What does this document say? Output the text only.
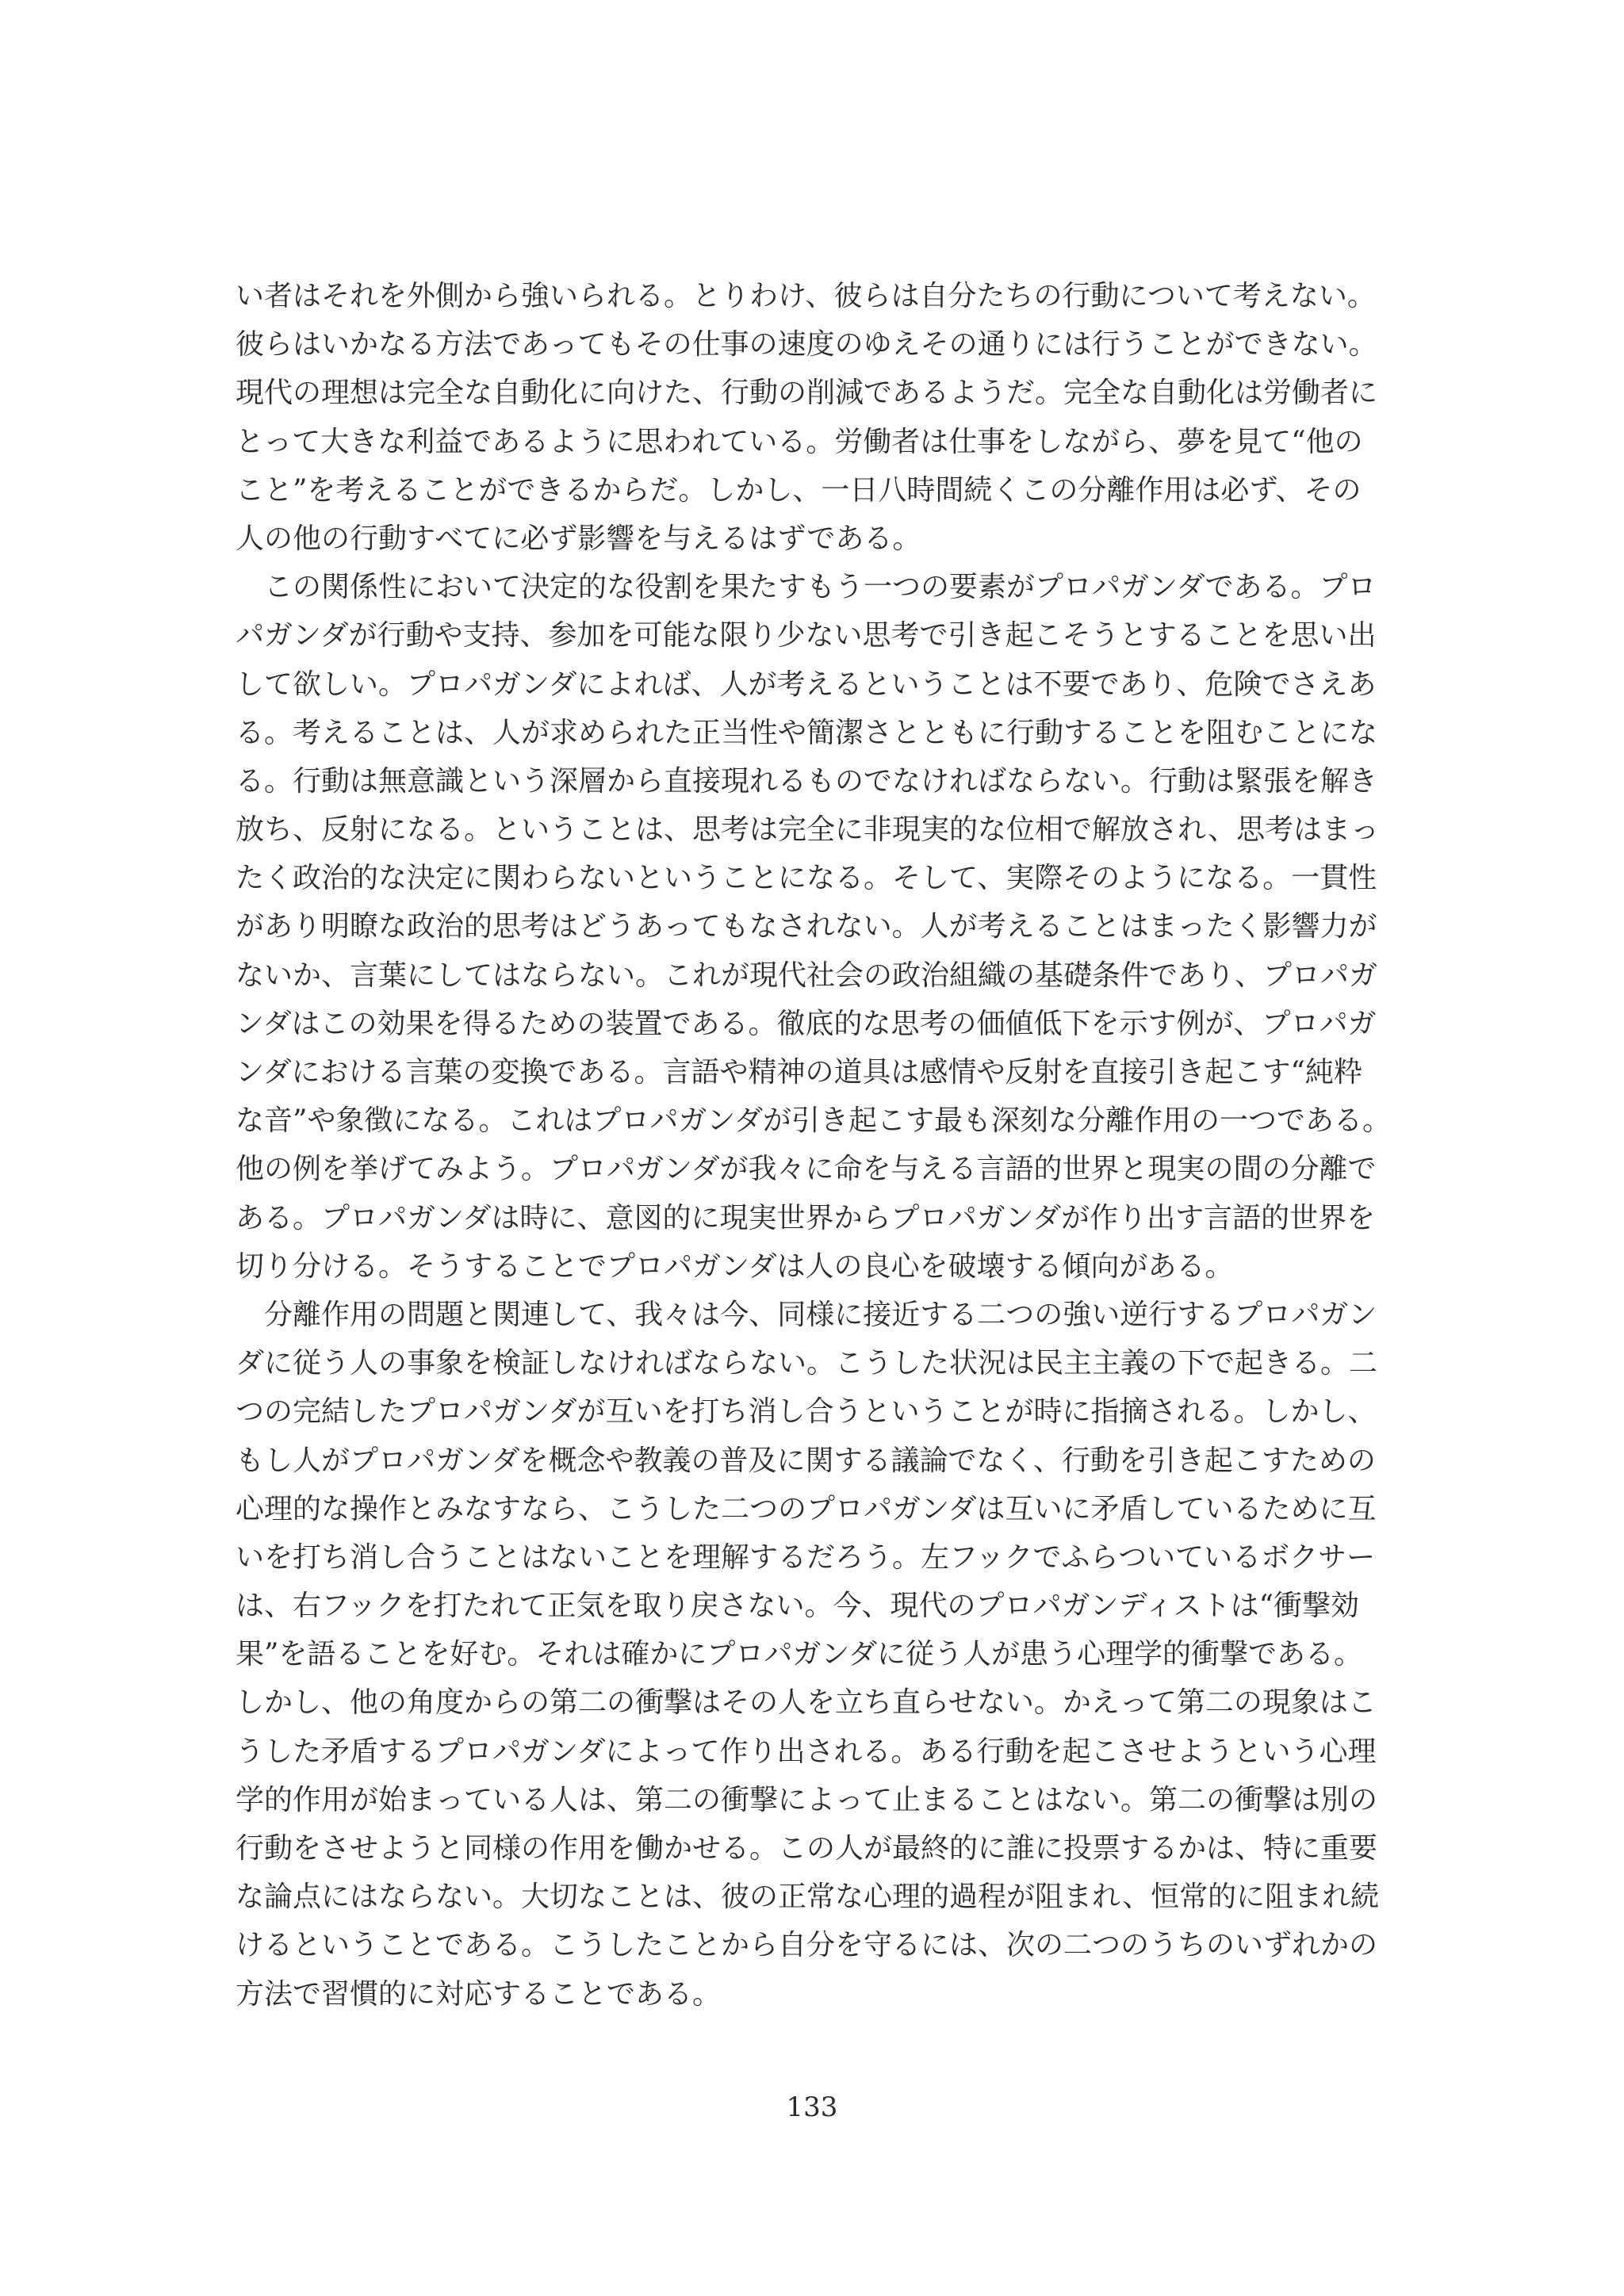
い者はそれを外側から強いられる。とりわけ、彼らは自分たちの行動について考えない。
彼らはいかなる方法であってもその仕事の速度のゆえその通りには行うことができない。
現代の理想は完全な自動化に向けた、行動の削減であるようだ。完全な自動化は労働者に
とって大きな利益であるように思われている。労働者は仕事をしながら、夢を見て“他の
こと”を考えることができるからだ。しかし、一日八時間続くこの分離作用は必ず、その
人の他の行動すべてに必ず影響を与えるはずである。
　この関係性において決定的な役割を果たすもう一つの要素がプロパガンダである。プロ
パガンダが行動や支持、参加を可能な限り少ない思考で引き起こそうとすることを思い出
して欲しい。プロパガンダによれば、人が考えるということは不要であり、危険でさえあ
る。考えることは、人が求められた正当性や簡潔さとともに行動することを阻むことにな
る。行動は無意識という深層から直接現れるものでなければならない。行動は緊張を解き
放ち、反射になる。ということは、思考は完全に非現実的な位相で解放され、思考はまっ
たく政治的な決定に関わらないということになる。そして、実際そのようになる。一貫性
があり明瞭な政治的思考はどうあってもなされない。人が考えることはまったく影響力が
ないか、言葉にしてはならない。これが現代社会の政治組織の基礎条件であり、プロパガ
ンダはこの効果を得るための装置である。徹底的な思考の価値低下を示す例が、プロパガ
ンダにおける言葉の変換である。言語や精神の道具は感情や反射を直接引き起こす“純粋
な音”や象徴になる。これはプロパガンダが引き起こす最も深刻な分離作用の一つである。
他の例を挙げてみよう。プロパガンダが我々に命を与える言語的世界と現実の間の分離で
ある。プロパガンダは時に、意図的に現実世界からプロパガンダが作り出す言語的世界を
切り分ける。そうすることでプロパガンダは人の良心を破壊する傾向がある。
　分離作用の問題と関連して、我々は今、同様に接近する二つの強い逆行するプロパガン
ダに従う人の事象を検証しなければならない。こうした状況は民主主義の下で起きる。二
つの完結したプロパガンダが互いを打ち消し合うということが時に指摘される。しかし、
もし人がプロパガンダを概念や教義の普及に関する議論でなく、行動を引き起こすための
心理的な操作とみなすなら、こうした二つのプロパガンダは互いに矛盾しているために互
いを打ち消し合うことはないことを理解するだろう。左フックでふらついているボクサー
は、右フックを打たれて正気を取り戻さない。今、現代のプロパガンディストは“衝撃効
果”を語ることを好む。それは確かにプロパガンダに従う人が患う心理学的衝撃である。
しかし、他の角度からの第二の衝撃はその人を立ち直らせない。かえって第二の現象はこ
うした矛盾するプロパガンダによって作り出される。ある行動を起こさせようという心理
学的作用が始まっている人は、第二の衝撃によって止まることはない。第二の衝撃は別の
行動をさせようと同様の作用を働かせる。この人が最終的に誰に投票するかは、特に重要
な論点にはならない。大切なことは、彼の正常な心理的過程が阻まれ、恒常的に阻まれ続
けるということである。こうしたことから自分を守るには、次の二つのうちのいずれかの
方法で習慣的に対応することである。
133
